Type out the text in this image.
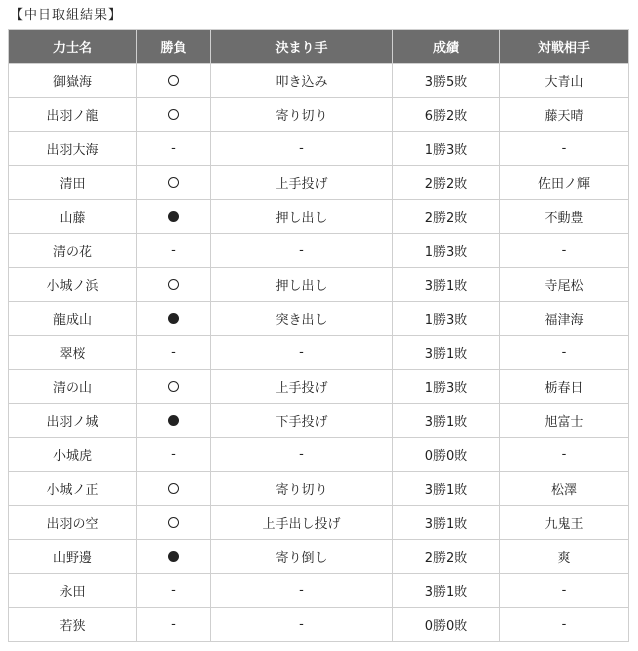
【中日取組結果】
力士名	勝負	決まり手	成績	対戦相手
御嶽海		叩き込み	3勝5敗	大青山
出羽ノ龍		寄り切り	6勝2敗	藤天晴
出羽大海	-	-	1勝3敗	-
清田		上手投げ	2勝2敗	佐田ノ輝
山藤		押し出し	2勝2敗	不動豊
清の花	-	-	1勝3敗	-
小城ノ浜		押し出し	3勝1敗	寺尾松
龍成山		突き出し	1勝3敗	福津海
翠桜	-	-	3勝1敗	-
清の山		上手投げ	1勝3敗	栃春日
出羽ノ城		下手投げ	3勝1敗	旭富士
小城虎	-	-	0勝0敗	-
小城ノ正		寄り切り	3勝1敗	松澤
出羽の空		上手出し投げ	3勝1敗	九鬼王
山野邊		寄り倒し	2勝2敗	爽
永田	-	-	3勝1敗	-
若狭	-	-	0勝0敗	-
